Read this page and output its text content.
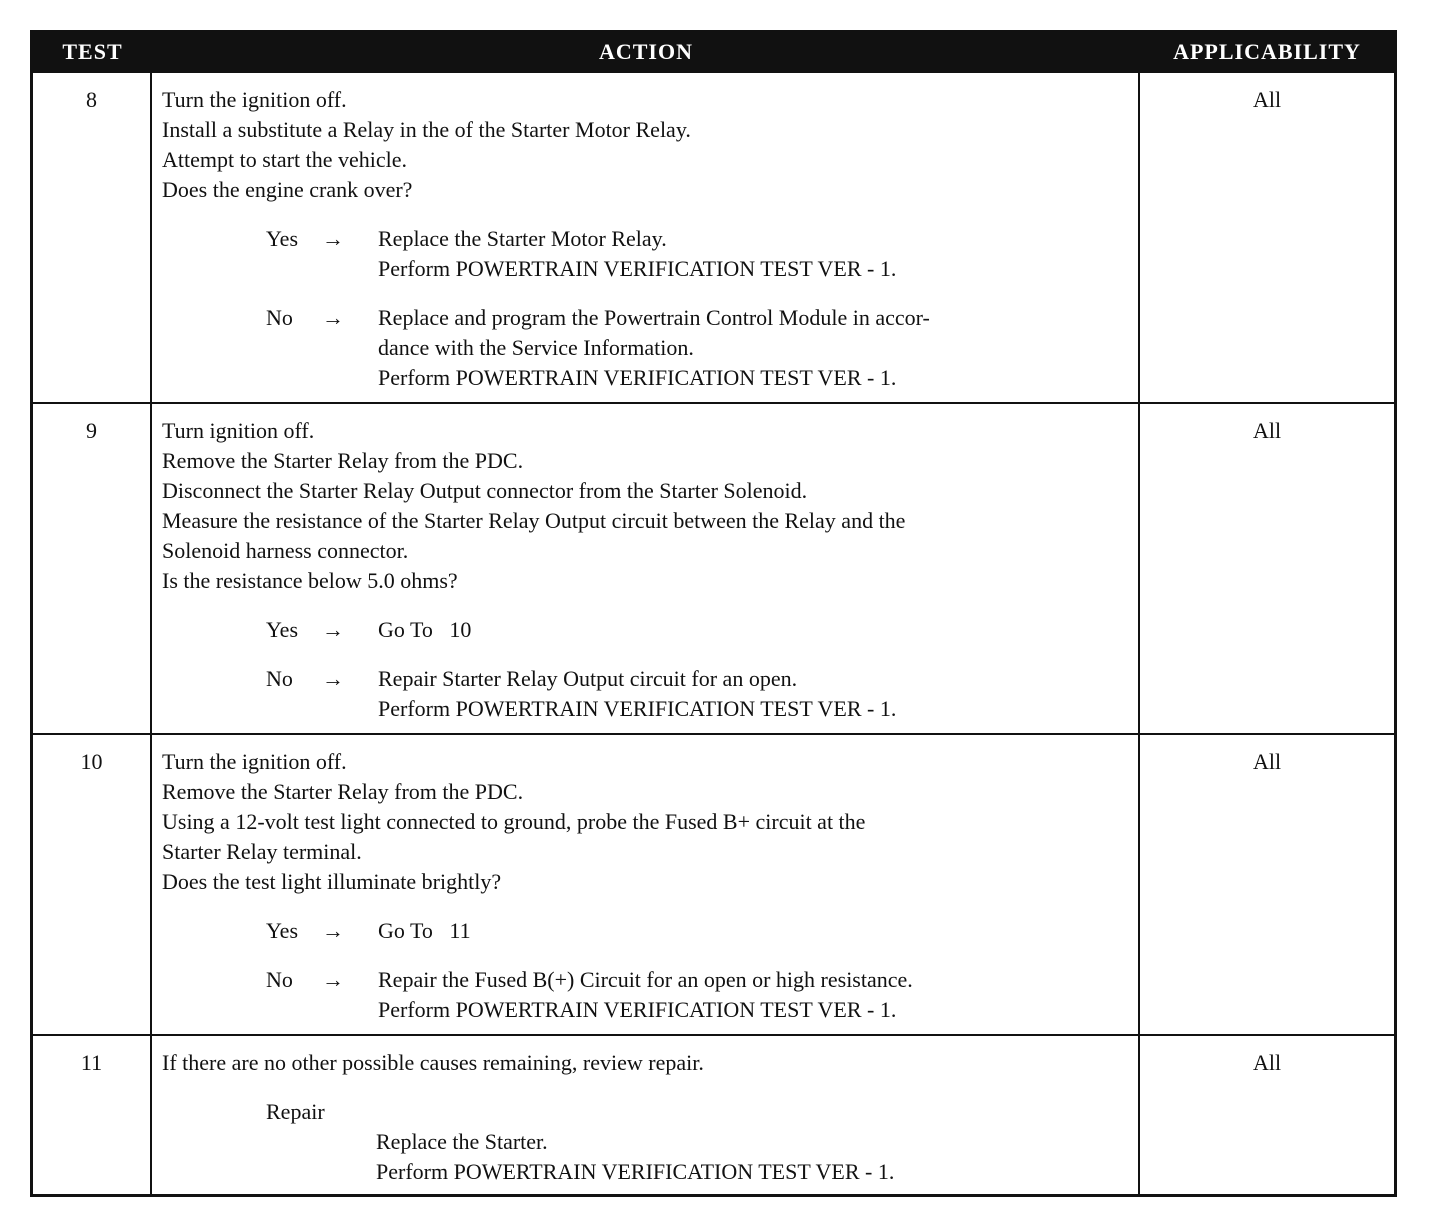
TEST	ACTION	APPLICABILITY
8	Turn the ignition off.
Install a substitute a Relay in the of the Starter Motor Relay.
Attempt to start the vehicle.
Does the engine crank over?
Yes	→	Replace the Starter Motor Relay.
Perform POWERTRAIN VERIFICATION TEST VER - 1.
No	→	Replace and program the Powertrain Control Module in accor-
dance with the Service Information.
Perform POWERTRAIN VERIFICATION TEST VER - 1.
All
9	Turn ignition off.
Remove the Starter Relay from the PDC.
Disconnect the Starter Relay Output connector from the Starter Solenoid.
Measure the resistance of the Starter Relay Output circuit between the Relay and the
Solenoid harness connector.
Is the resistance below 5.0 ohms?
Yes	→	Go To   10
No	→	Repair Starter Relay Output circuit for an open.
Perform POWERTRAIN VERIFICATION TEST VER - 1.
All
10	Turn the ignition off.
Remove the Starter Relay from the PDC.
Using a 12-volt test light connected to ground, probe the Fused B+ circuit at the
Starter Relay terminal.
Does the test light illuminate brightly?
Yes	→	Go To   11
No	→	Repair the Fused B(+) Circuit for an open or high resistance.
Perform POWERTRAIN VERIFICATION TEST VER - 1.
All
11	If there are no other possible causes remaining, review repair.
Repair
Replace the Starter.
Perform POWERTRAIN VERIFICATION TEST VER - 1.
All
